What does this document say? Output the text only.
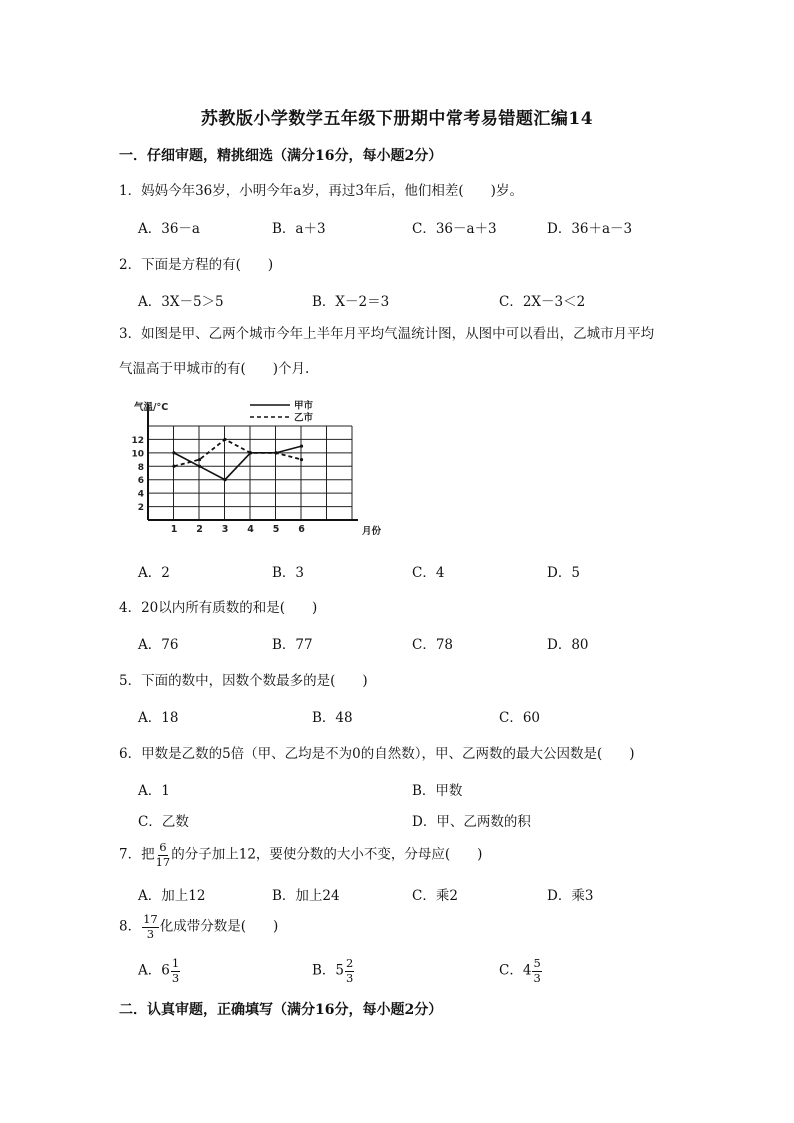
苏教版小学数学五年级下册期中常考易错题汇编14
一．仔细审题，精挑细选（满分16分，每小题2分）
1．妈妈今年36岁，小明今年a岁，再过3年后，他们相差(　　)岁。
A．36－a	B．a＋3	C．36－a＋3	D．36＋a－3
2．下面是方程的有(　　)
A．3X－5＞5	B．X－2＝3	C．2X－3＜2
3．如图是甲、乙两个城市今年上半年月平均气温统计图，从图中可以看出，乙城市月平均
气温高于甲城市的有(　　)个月.
2
4
6
8
10
12
1 2 3 4 5 6
气温/°C
月份
甲市
乙市
A．2	B．3	C．4	D．5
4．20以内所有质数的和是(　　)
A．76	B．77	C．78	D．80
5．下面的数中，因数个数最多的是(　　)
A．18	B．48	C．60
6．甲数是乙数的5倍（甲、乙均是不为0的自然数），甲、乙两数的最大公因数是(　　)
A．1	B．甲数
C．乙数	D．甲、乙两数的积
7．把 $\frac{6}{17}$ 的分子加上12，要使分数的大小不变，分母应(　　)
A．加上12	B．加上24	C．乘2	D．乘3
8． $\frac{17}{3}$ 化成带分数是(　　)
A．$6 \frac{1}{3}$	B．$5 \frac{2}{3}$	C．$4 \frac{5}{3}$
二．认真审题，正确填写（满分16分，每小题2分）
